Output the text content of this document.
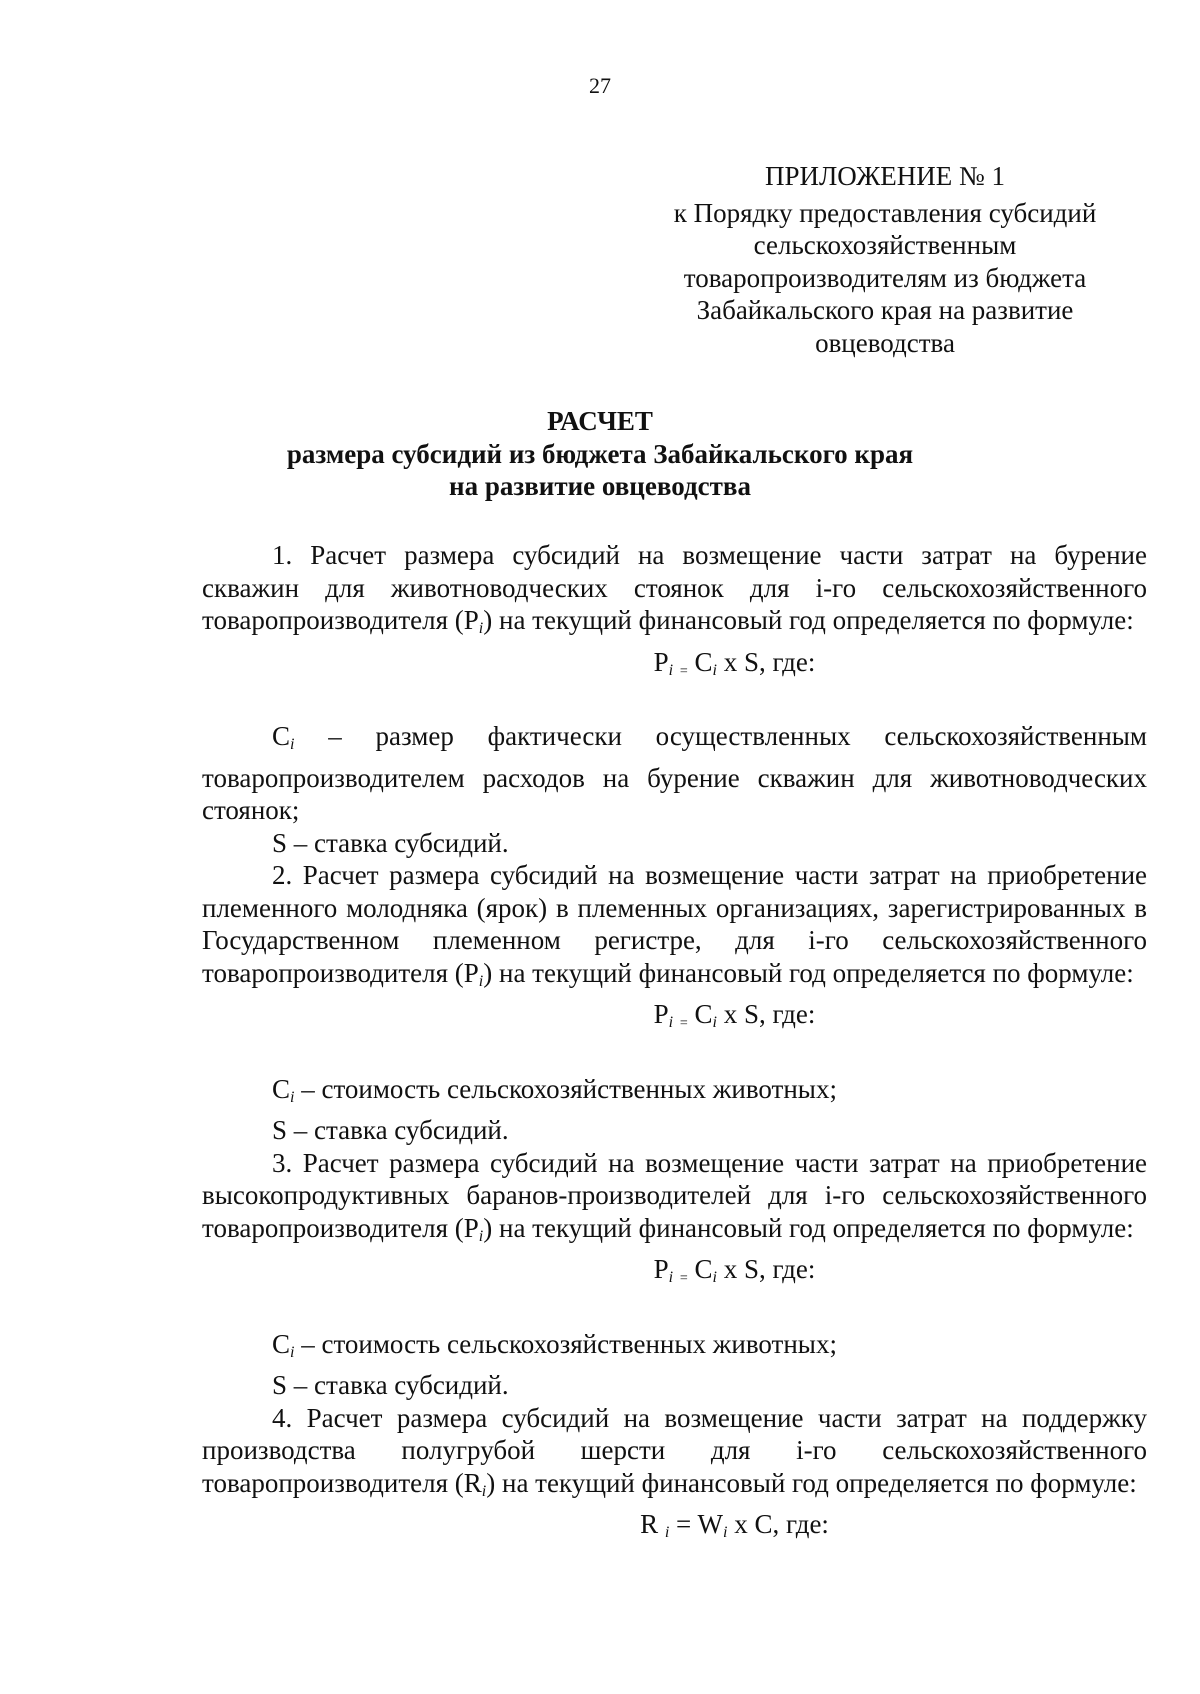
27
ПРИЛОЖЕНИЕ № 1
к Порядку предоставления субсидий сельскохозяйственным товаропроизводителям из бюджета Забайкальского края на развитие овцеводства
РАСЧЕТ
размера субсидий из бюджета Забайкальского края
на развитие овцеводства

1. Расчет размера субсидий на возмещение части затрат на бурение скважин для животноводческих стоянок для i-го сельскохозяйственного товаропроизводителя $(P_i)$ на текущий финансовый год определяется по формуле:

$P_i = C_i$ x S, где:

$C_i$ – размер фактически осуществленных сельскохозяйственным товаропроизводителем расходов на бурение скважин для животноводческих стоянок;

S – ставка субсидий.

2. Расчет размера субсидий на возмещение части затрат на приобретение племенного молодняка (ярок) в племенных организациях, зарегистрированных в Государственном племенном регистре, для i-го сельскохозяйственного товаропроизводителя $(P_i)$ на текущий финансовый год определяется по формуле:

$P_i = C_i$ x S, где:

$C_i$ – стоимость сельскохозяйственных животных;

S – ставка субсидий.

3. Расчет размера субсидий на возмещение части затрат на приобретение высокопродуктивных баранов-производителей для i-го сельскохозяйственного товаропроизводителя $(P_i)$ на текущий финансовый год определяется по формуле:

$P_i = C_i$ x S, где:

$C_i$ – стоимость сельскохозяйственных животных;

S – ставка субсидий.

4. Расчет размера субсидий на возмещение части затрат на поддержку производства полугрубой шерсти для i-го сельскохозяйственного товаропроизводителя $(R_i)$ на текущий финансовый год определяется по формуле:

R $_i = W_i$ x C, где:
